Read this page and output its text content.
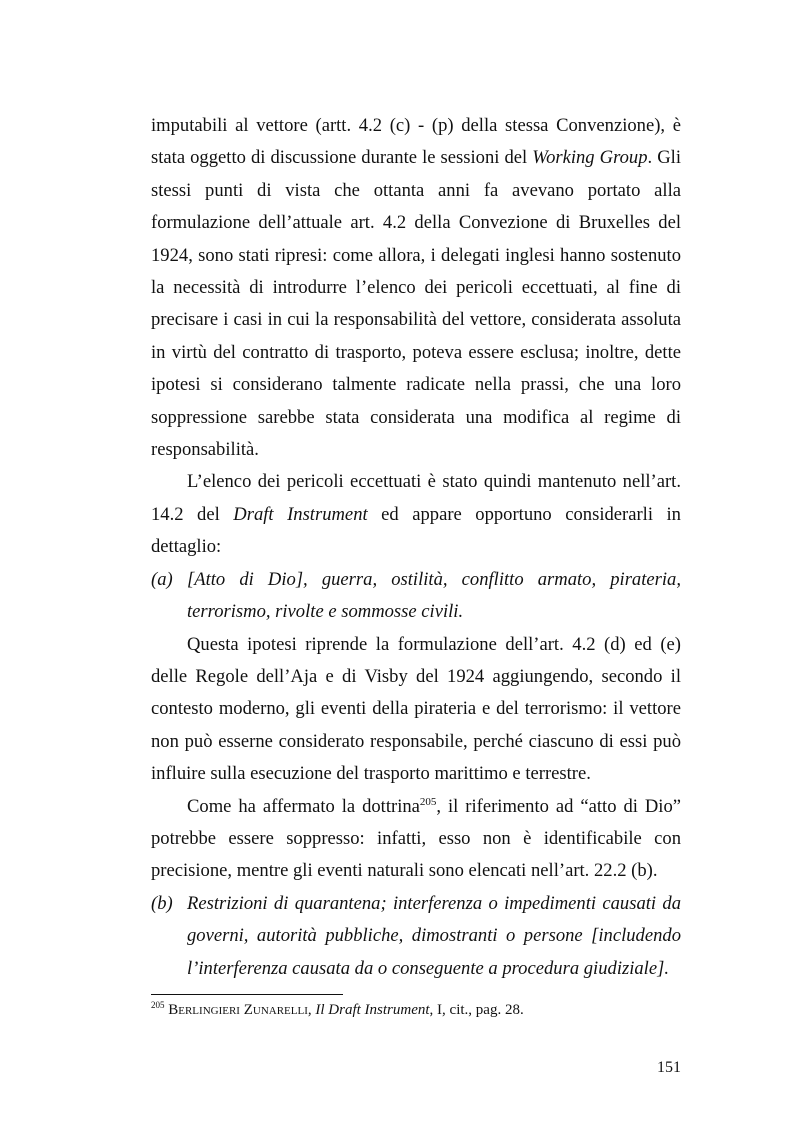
imputabili al vettore (artt. 4.2 (c) - (p) della stessa Convenzione), è stata oggetto di discussione durante le sessioni del Working Group. Gli stessi punti di vista che ottanta anni fa avevano portato alla formulazione dell’attuale art. 4.2 della Convezione di Bruxelles del 1924, sono stati ripresi: come allora, i delegati inglesi hanno sostenuto la necessità di introdurre l’elenco dei pericoli eccettuati, al fine di precisare i casi in cui la responsabilità del vettore, considerata assoluta in virtù del contratto di trasporto, poteva essere esclusa; inoltre, dette ipotesi si considerano talmente radicate nella prassi, che una loro soppressione sarebbe stata considerata una modifica al regime di responsabilità.

L’elenco dei pericoli eccettuati è stato quindi mantenuto nell’art. 14.2 del Draft Instrument ed appare opportuno considerarli in dettaglio:

(a) [Atto di Dio], guerra, ostilità, conflitto armato, pirateria, terrorismo, rivolte e sommosse civili.

Questa ipotesi riprende la formulazione dell’art. 4.2 (d) ed (e) delle Regole dell’Aja e di Visby del 1924 aggiungendo, secondo il contesto moderno, gli eventi della pirateria e del terrorismo: il vettore non può esserne considerato responsabile, perché ciascuno di essi può influire sulla esecuzione del trasporto marittimo e terrestre.

Come ha affermato la dottrina$^{205}$, il riferimento ad “atto di Dio” potrebbe essere soppresso: infatti, esso non è identificabile con precisione, mentre gli eventi naturali sono elencati nell’art. 22.2 (b).

(b) Restrizioni di quarantena; interferenza o impedimenti causati da governi, autorità pubbliche, dimostranti o persone [includendo l’interferenza causata da o conseguente a procedura giudiziale].

$^{205}$ Berlingieri Zunarelli, Il Draft Instrument, I, cit., pag. 28.

151
